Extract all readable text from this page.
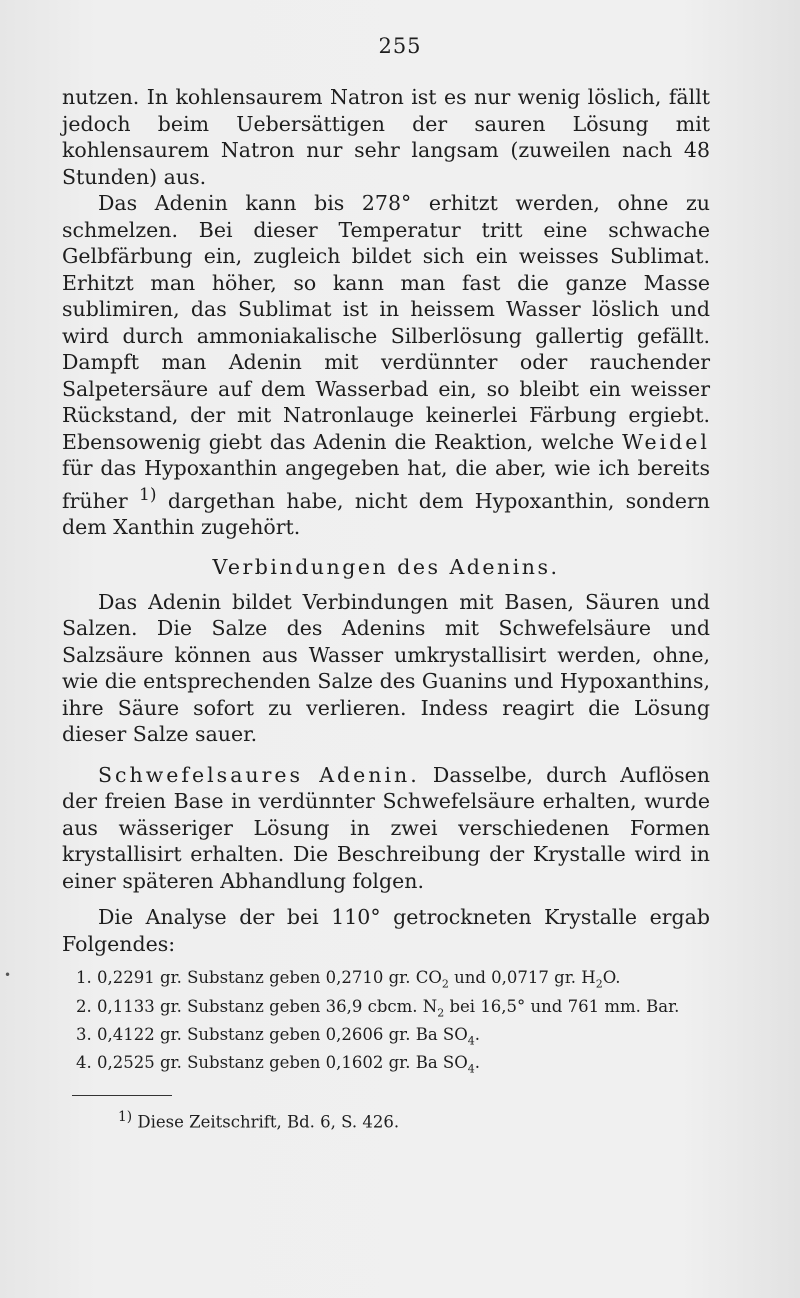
255
•

nutzen. In kohlensaurem Natron ist es nur wenig löslich, fällt jedoch beim Uebersättigen der sauren Lösung mit kohlensaurem Natron nur sehr langsam (zuweilen nach 48 Stunden) aus.

Das Adenin kann bis 278° erhitzt werden, ohne zu schmelzen. Bei dieser Temperatur tritt eine schwache Gelbfärbung ein, zugleich bildet sich ein weisses Sublimat. Erhitzt man höher, so kann man fast die ganze Masse sublimiren, das Sublimat ist in heissem Wasser löslich und wird durch ammoniakalische Silberlösung gallertig gefällt. Dampft man Adenin mit verdünnter oder rauchender Salpetersäure auf dem Wasserbad ein, so bleibt ein weisser Rückstand, der mit Natronlauge keinerlei Färbung ergiebt. Ebensowenig giebt das Adenin die Reaktion, welche Weidel für das Hypoxanthin angegeben hat, die aber, wie ich bereits früher $^{1)}$ dargethan habe, nicht dem Hypoxanthin, sondern dem Xanthin zugehört.

Verbindungen des Adenins.

Das Adenin bildet Verbindungen mit Basen, Säuren und Salzen. Die Salze des Adenins mit Schwefelsäure und Salzsäure können aus Wasser umkrystallisirt werden, ohne, wie die entsprechenden Salze des Guanins und Hypoxanthins, ihre Säure sofort zu verlieren. Indess reagirt die Lösung dieser Salze sauer.

Schwefelsaures Adenin. Dasselbe, durch Auflösen der freien Base in verdünnter Schwefelsäure erhalten, wurde aus wässeriger Lösung in zwei verschiedenen Formen krystallisirt erhalten. Die Beschreibung der Krystalle wird in einer späteren Abhandlung folgen.

Die Analyse der bei 110° getrockneten Krystalle ergab Folgendes:

1. 0,2291 gr. Substanz geben 0,2710 gr. $CO_2$ und 0,0717 gr. $H_2O$.
2. 0,1133 gr. Substanz geben 36,9 cbcm. $N_2$ bei 16,5° und 761 mm. Bar.
3. 0,4122 gr. Substanz geben 0,2606 gr. Ba $SO_4$.
4. 0,2525 gr. Substanz geben 0,1602 gr. Ba $SO_4$.
$^{1)}$ Diese Zeitschrift, Bd. 6, S. 426.
